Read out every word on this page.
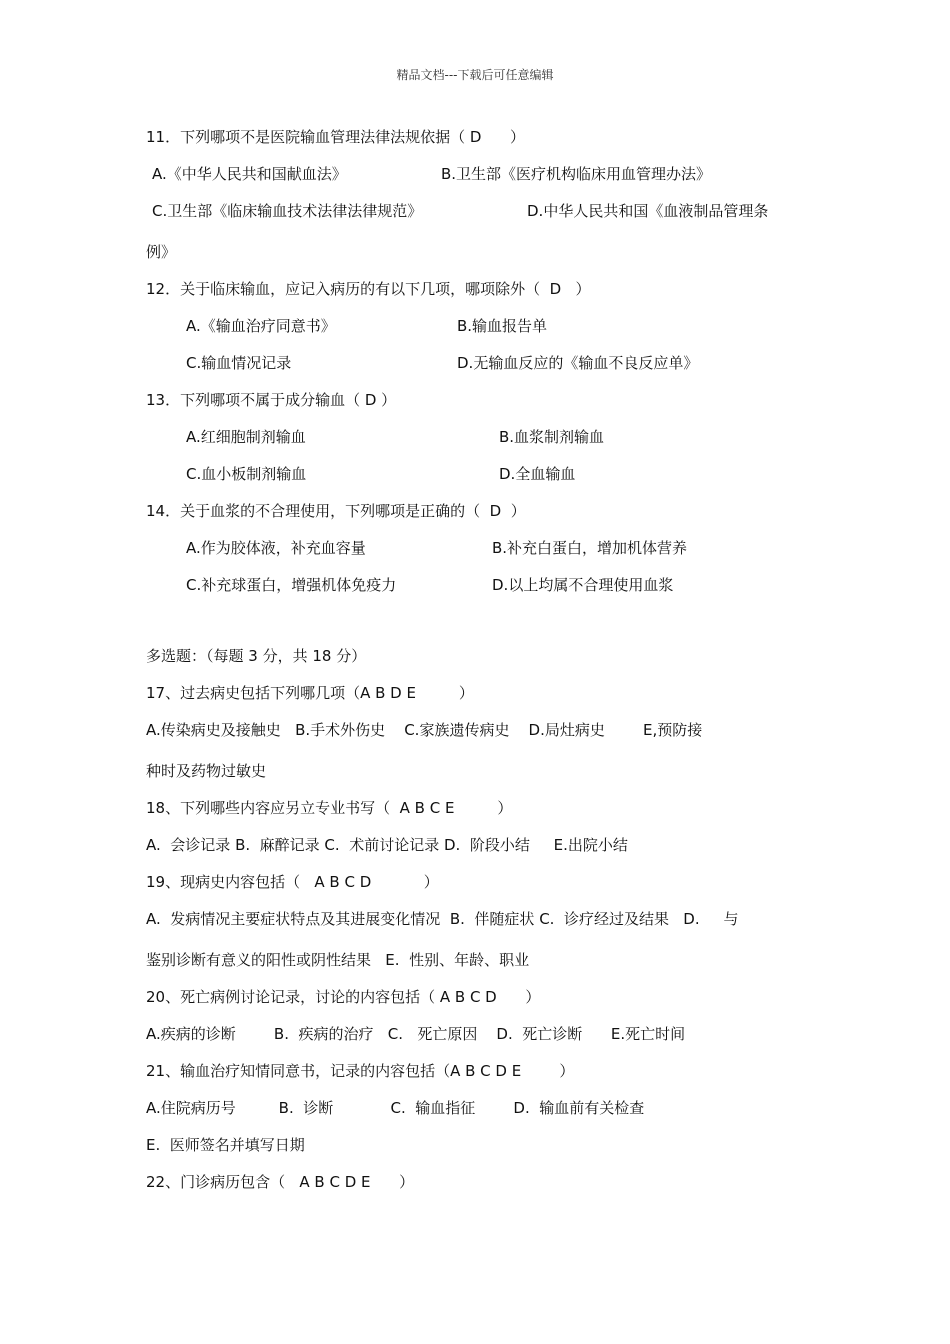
精品文档---下载后可任意编辑
11．下列哪项不是医院输血管理法律法规依据（ D      ）
A.《中华人民共和国献血法》	B.卫生部《医疗机构临床用血管理办法》
C.卫生部《临床输血技术法律法律规范》	D.中华人民共和国《血液制品管理条
例》
12．关于临床输血，应记入病历的有以下几项，哪项除外（  D   ）
A.《输血治疗同意书》	B.输血报告单
C.输血情况记录	D.无输血反应的《输血不良反应单》
13．下列哪项不属于成分输血（ D ）
A.红细胞制剂输血	B.血浆制剂输血
C.血小板制剂输血	D.全血输血
14．关于血浆的不合理使用，下列哪项是正确的（  D  ）
A.作为胶体液，补充血容量	B.补充白蛋白，增加机体营养
C.补充球蛋白，增强机体免疫力	D.以上均属不合理使用血浆
多选题：（每题 3 分，共 18 分）
17、过去病史包括下列哪几项（A B D E         ）
A.传染病史及接触史   B.手术外伤史    C.家族遗传病史    D.局灶病史        E,预防接
种时及药物过敏史
18、下列哪些内容应另立专业书写（  A B C E         ）
A.  会诊记录 B.  麻醉记录 C.  术前讨论记录 D.  阶段小结     E.出院小结
19、现病史内容包括（   A B C D           ）
A.  发病情况主要症状特点及其进展变化情况  B.  伴随症状 C.  诊疗经过及结果   D.     与
鉴别诊断有意义的阳性或阴性结果   E.  性别、年龄、职业
20、死亡病例讨论记录，讨论的内容包括（ A B C D      ）
A.疾病的诊断        B.  疾病的治疗   C.   死亡原因    D.  死亡诊断      E.死亡时间
21、输血治疗知情同意书，记录的内容包括（A B C D E        ）
A.住院病历号         B.  诊断            C.  输血指征        D.  输血前有关检查
E.  医师签名并填写日期
22、门诊病历包含（   A B C D E      ）
